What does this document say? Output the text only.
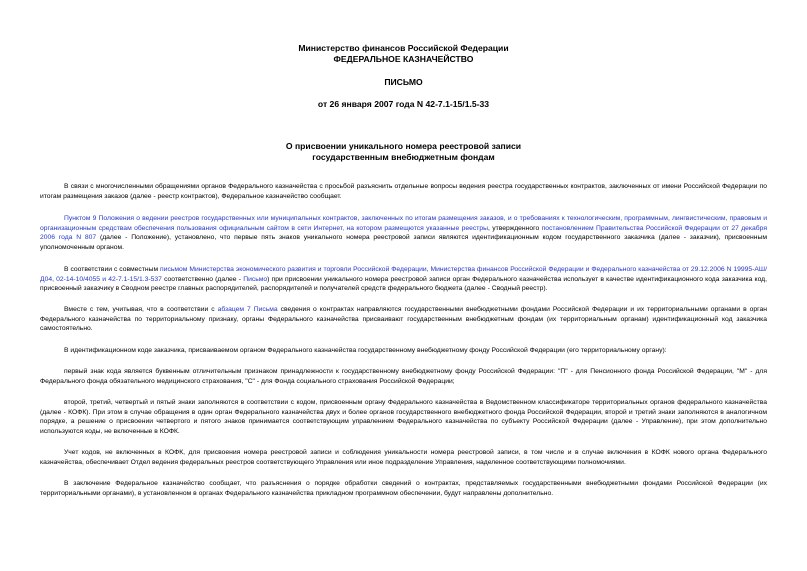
Министерство финансов Российской Федерации
ФЕДЕРАЛЬНОЕ КАЗНАЧЕЙСТВО
ПИСЬМО
от 26 января 2007 года N 42-7.1-15/1.5-33
О присвоении уникального номера реестровой записи
государственным внебюджетным фондам

В связи с многочисленными обращениями органов Федерального казначейства с просьбой разъяснить отдельные вопросы ведения реестра государственных контрактов, заключенных от имени Российской Федерации по итогам размещения заказов (далее - реестр контрактов), Федеральное казначейство сообщает.

Пунктом 9 Положения о ведении реестров государственных или муниципальных контрактов, заключенных по итогам размещения заказов, и о требованиях к технологическим, программным, лингвистическим, правовым и организационным средствам обеспечения пользования официальным сайтом в сети Интернет, на котором размещются указанные реестры, утвержденного постановлением Правительства Российской Федерации от 27 декабря 2006 года N 807 (далее - Положение), установлено, что первые пять знаков уникального номера реестровой записи являются идентификационным кодом государственного заказчика (далее - заказчик), присвоенным уполномоченным органом.

В соответствии с совместным письмом Министерства экономического развития и торговли Российской Федерации, Министерства финансов Российской Федерации и Федерального казначейства от 29.12.2006 N 19995-АШ/Д04, 02-14-10/4055 и 42-7.1-15/1.3-537 соответственно (далее - Письмо) при присвоении уникального номера реестровой записи орган Федерального казначейства использует в качестве идентификационного кода заказчика код, присвоенный заказчику в Сводном реестре главных распорядителей, распорядителей и получателей средств федерального бюджета (далее - Сводный реестр).

Вместе с тем, учитывая, что в соответствии с абзацем 7 Письма сведения о контрактах направляются государственными внебюджетными фондами Российской Федерации и их территориальными органами в орган Федерального казначейства по территориальному признаку, органы Федерального казначейства присваивают государственным внебюджетным фондам (их территориальным органам) идентификационный код заказчика самостоятельно.

В идентификационном коде заказчика, присваиваемом органом Федерального казначейства государственному внебюджетному фонду Российской Федерации (его территориальному органу):

первый знак кода является буквенным отличительным признаком принадлежности к государственному внебюджетному фонду Российской Федерации: "П" - для Пенсионного фонда Российской Федерации, "М" - для Федерального фонда обязательного медицинского страхования, "С" - для Фонда социального страхования Российской Федерации;

второй, третий, четвертый и пятый знаки заполняются в соответствии с кодом, присвоенным органу Федерального казначейства в Ведомственном классификаторе территориальных органов федерального казначейства (далее - КОФК). При этом в случае обращения в один орган Федерального казначейства двух и более органов государственного внебюджетного фонда Российской Федерации, второй и третий знаки заполняются в аналогичном порядке, а решение о присвоении четвертого и пятого знаков принимается соответствующим управлением Федерального казначейства по субъекту Российской Федерации (далее - Управление), при этом дополнительно используются коды, не включенные в КОФК.

Учет кодов, не включенных в КОФК, для присвоения номера реестровой записи и соблюдения уникальности номера реестровой записи, в том числе и в случае включения в КОФК нового органа Федерального казначейства, обеспечивает Отдел ведения федеральных реестров соответствующего Управления или иное подразделение Управления, наделенное соответствующими полномочиями.

В заключение Федеральное казначейство сообщает, что разъяснения о порядке обработки сведений о контрактах, представляемых государственными внебюджетными фондами Российской Федерации (их территориальными органами), в установленном в органах Федерального казначейства прикладном программном обеспечении, будут направлены дополнительно.
